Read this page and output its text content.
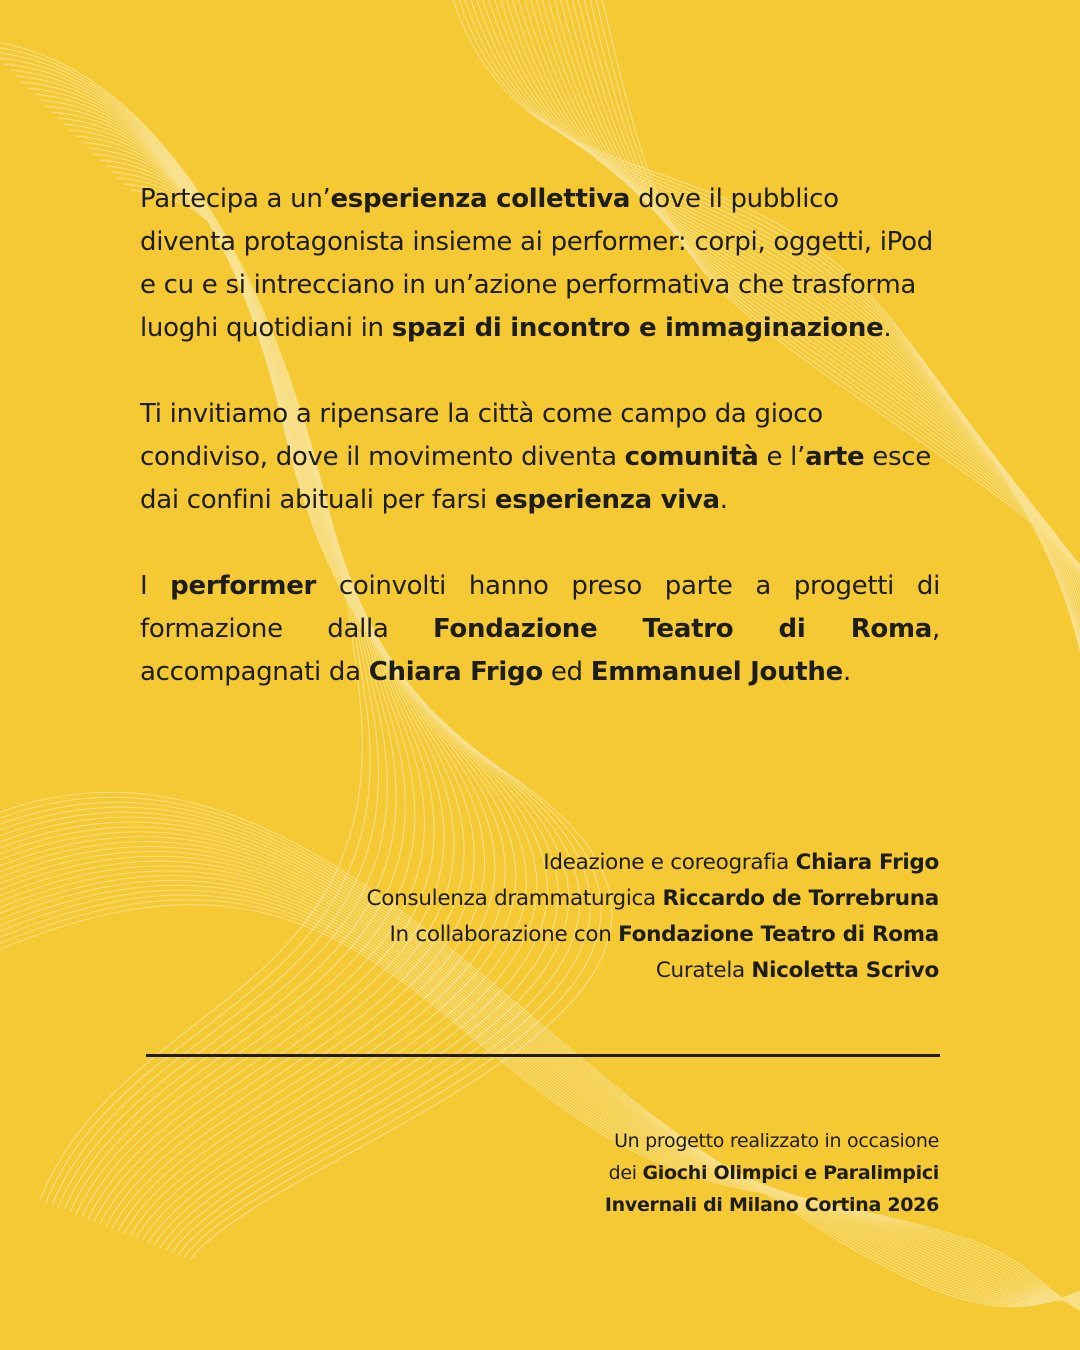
Partecipa a un’esperienza collettiva dove il pubblico diventa protagonista insieme ai performer: corpi, oggetti, iPod e cu e si intrecciano in un’azione performativa che trasforma luoghi quotidiani in spazi di incontro e immaginazione.

Ti invitiamo a ripensare la città come campo da gioco condiviso, dove il movimento diventa comunità e l’arte esce dai confini abituali per farsi esperienza viva.

I performer coinvolti hanno preso parte a progetti di formazione dalla Fondazione Teatro di Roma, accompagnati da Chiara Frigo ed Emmanuel Jouthe.

Ideazione e coreografia Chiara Frigo
Consulenza drammaturgica Riccardo de Torrebruna
In collaborazione con Fondazione Teatro di Roma
Curatela Nicoletta Scrivo
Un progetto realizzato in occasione
dei Giochi Olimpici e Paralimpici
Invernali di Milano Cortina 2026
